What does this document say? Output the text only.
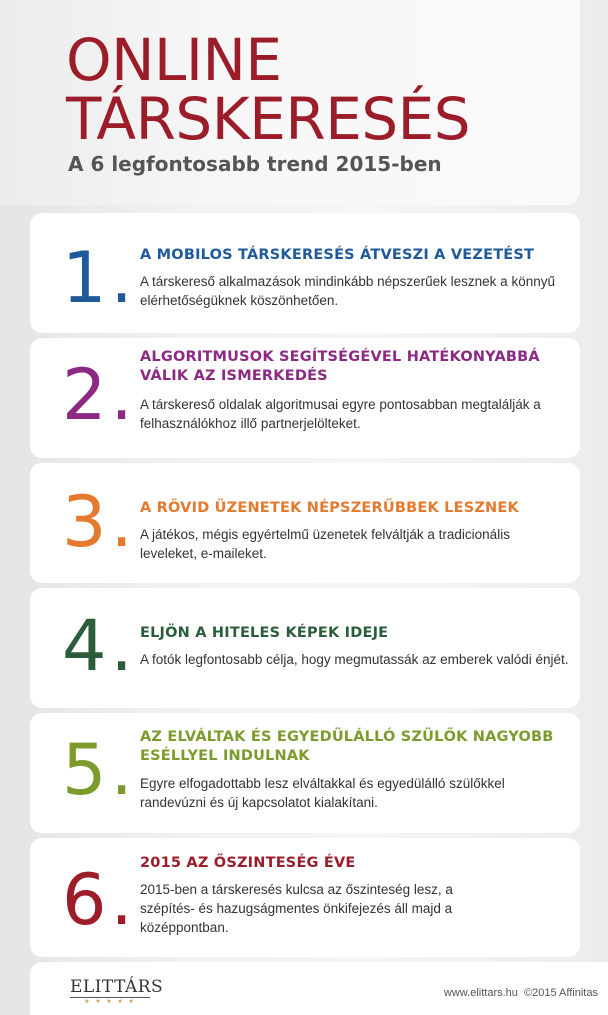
ONLINE
TÁRSKERESÉS
A 6 legfontosabb trend 2015-ben
1. A MOBILOS TÁRSKERESÉS ÁTVESZI A VEZETÉST

A társkereső alkalmazások mindinkább népszerűek lesznek a könnyű elérhetőségüknek köszönhetően.

2. ALGORITMUSOK SEGÍTSÉGÉVEL HATÉKONYABBÁ VÁLIK AZ ISMERKEDÉS

A társkereső oldalak algoritmusai egyre pontosabban megtalálják a felhasználókhoz illő partnerjelölteket.

3. A RÖVID ÜZENETEK NÉPSZERŰBBEK LESZNEK

A játékos, mégis egyértelmű üzenetek felváltják a tradicionális leveleket, e-maileket.

4. ELJÖN A HITELES KÉPEK IDEJE

A fotók legfontosabb célja, hogy megmutassák az emberek valódi énjét.

5. AZ ELVÁLTAK ÉS EGYEDÜLÁLLÓ SZÜLŐK NAGYOBB ESÉLLYEL INDULNAK

Egyre elfogadottabb lesz elváltakkal és egyedülálló szülőkkel randevúzni és új kapcsolatot kialakítani.

6. 2015 AZ ŐSZINTESÉG ÉVE

2015-ben a társkeresés kulcsa az őszinteség lesz, a szépítés- és hazugságmentes önkifejezés áll majd a középpontban.

ELITTÁRS
★ ★ ★ ★ ★
www.elittars.hu ©2015 Affinitas
